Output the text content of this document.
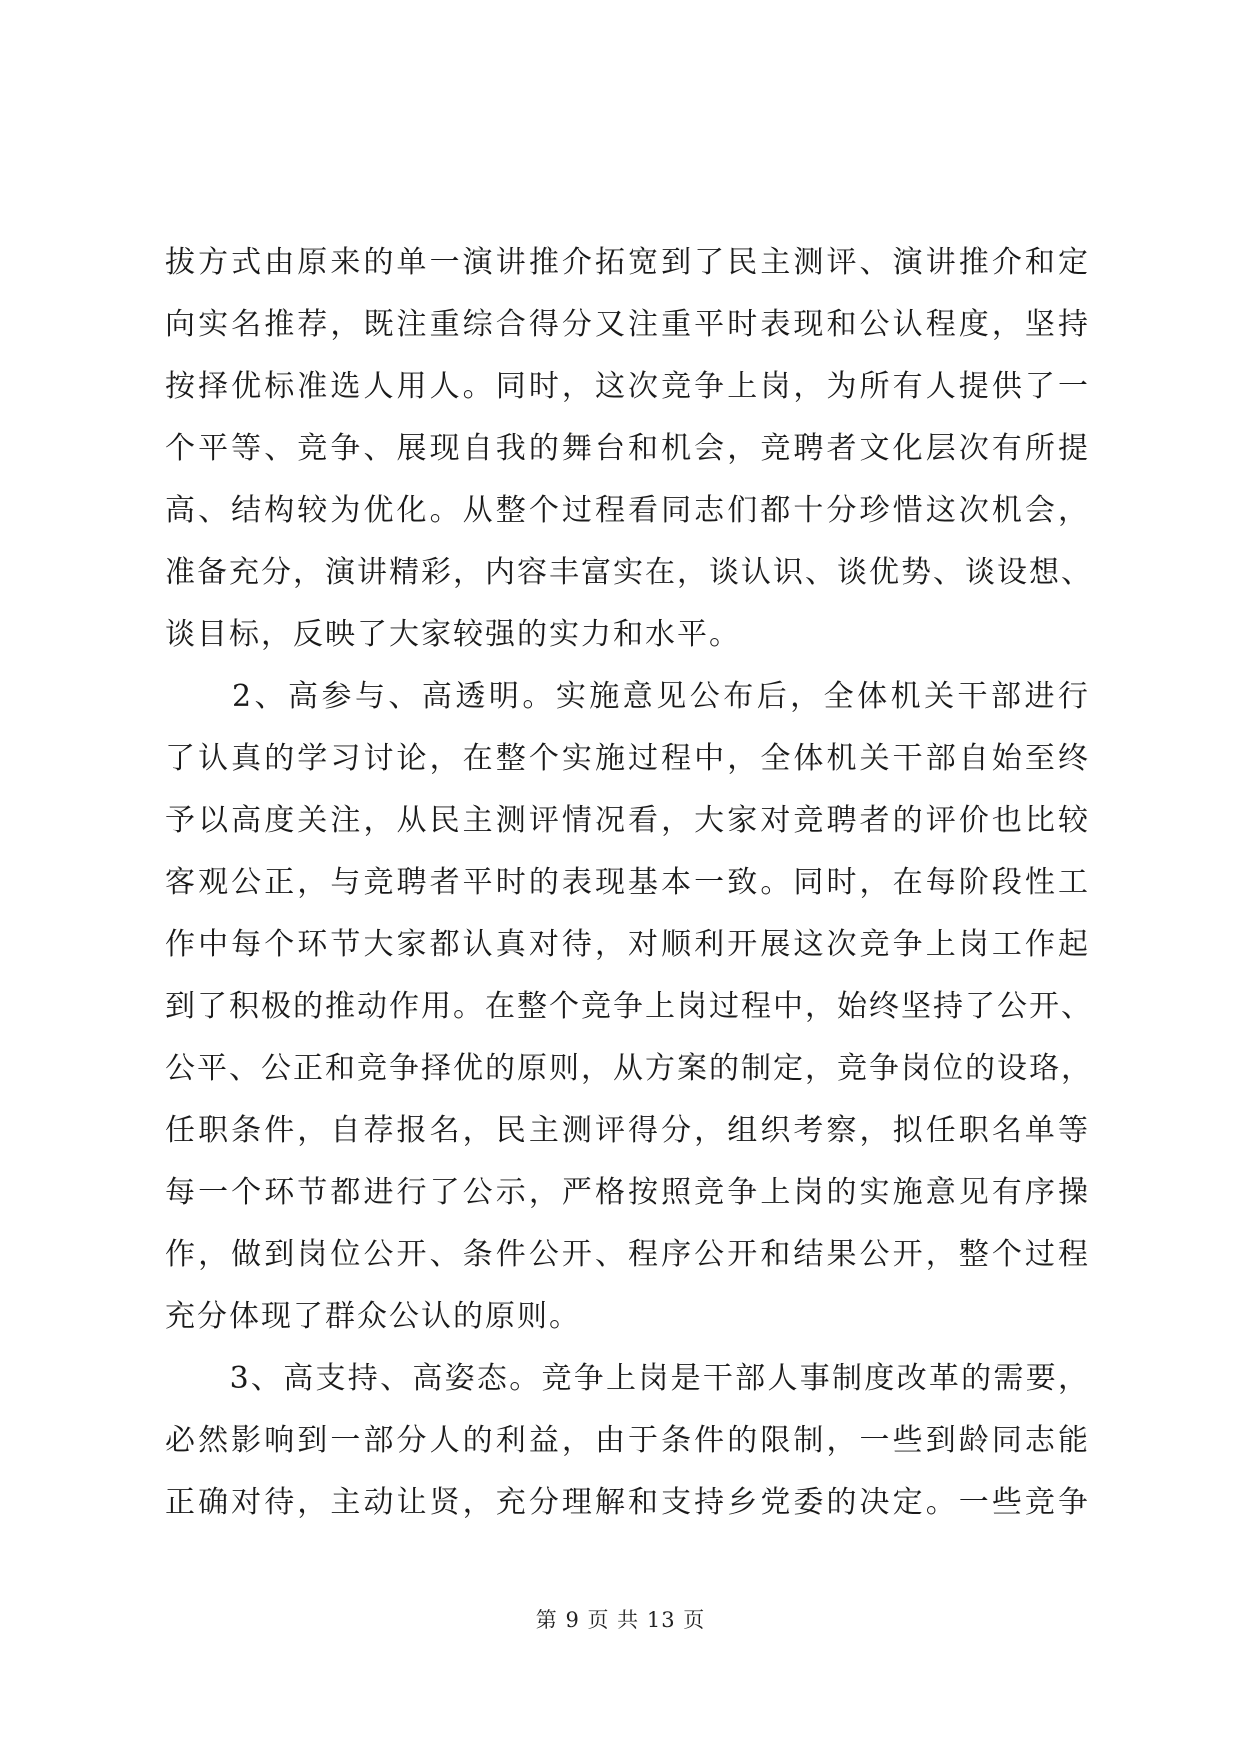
拔方式由原来的单一演讲推介拓宽到了民主测评、演讲推介和定
向实名推荐，既注重综合得分又注重平时表现和公认程度，坚持
按择优标准选人用人。同时，这次竞争上岗，为所有人提供了一
个平等、竞争、展现自我的舞台和机会，竞聘者文化层次有所提
高、结构较为优化。从整个过程看同志们都十分珍惜这次机会，
准备充分，演讲精彩，内容丰富实在，谈认识、谈优势、谈设想、
谈目标，反映了大家较强的实力和水平。

　　2、高参与、高透明。实施意见公布后，全体机关干部进行
了认真的学习讨论，在整个实施过程中，全体机关干部自始至终
予以高度关注，从民主测评情况看，大家对竞聘者的评价也比较
客观公正，与竞聘者平时的表现基本一致。同时，在每阶段性工
作中每个环节大家都认真对待，对顺利开展这次竞争上岗工作起
到了积极的推动作用。在整个竞争上岗过程中，始终坚持了公开、
公平、公正和竞争择优的原则，从方案的制定，竞争岗位的设珞，
任职条件，自荐报名，民主测评得分，组织考察，拟任职名单等
每一个环节都进行了公示，严格按照竞争上岗的实施意见有序操
作，做到岗位公开、条件公开、程序公开和结果公开，整个过程
充分体现了群众公认的原则。

　　3、高支持、高姿态。竞争上岗是干部人事制度改革的需要，
必然影响到一部分人的利益，由于条件的限制，一些到龄同志能
正确对待，主动让贤，充分理解和支持乡党委的决定。一些竞争

第 9 页 共 13 页
